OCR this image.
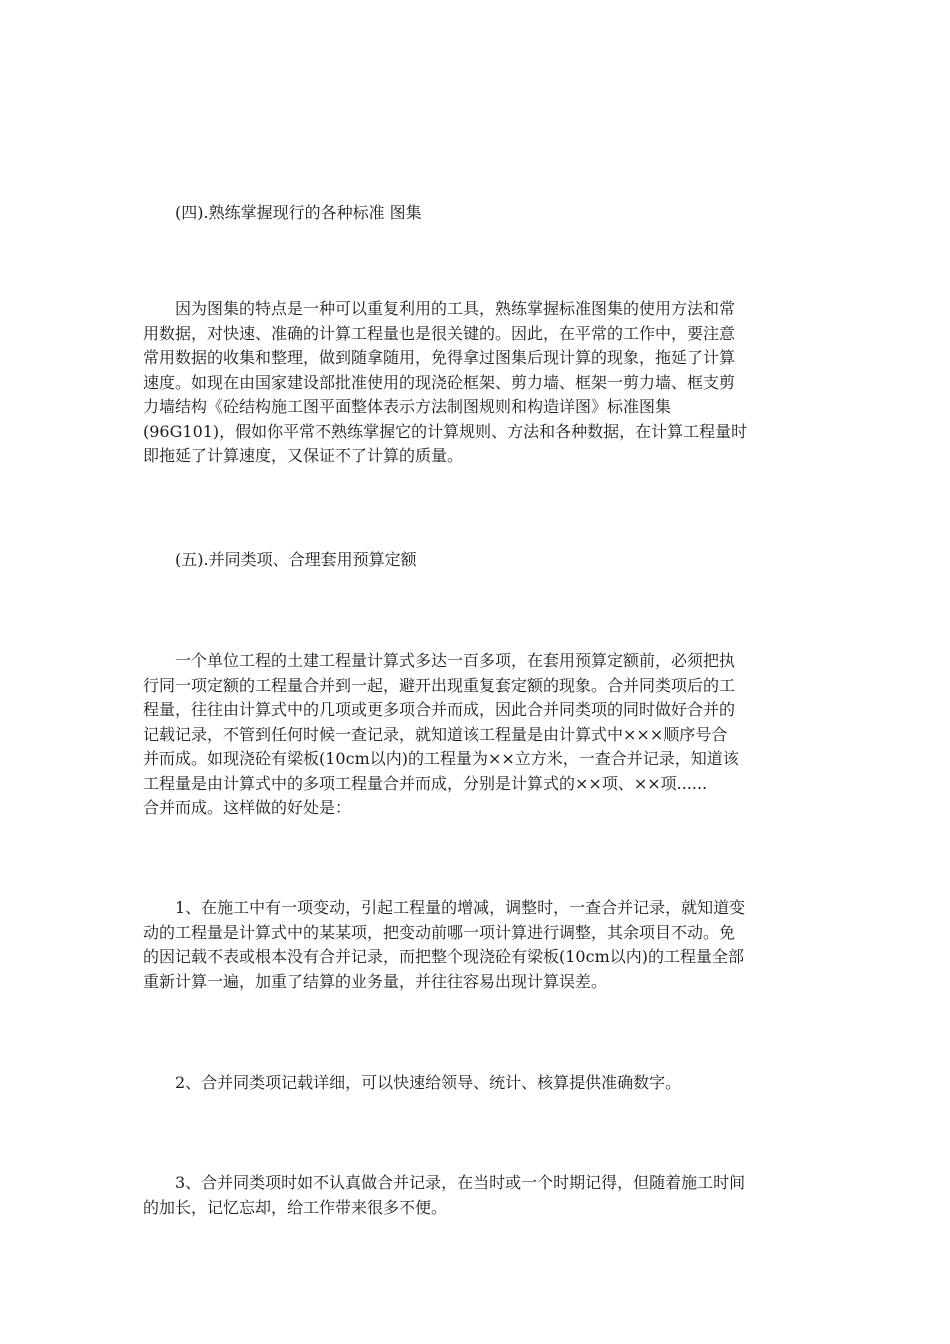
(四).熟练掌握现行的各种标准 图集
因为图集的特点是一种可以重复利用的工具，熟练掌握标准图集的使用方法和常
用数据，对快速、准确的计算工程量也是很关键的。因此，在平常的工作中，要注意
常用数据的收集和整理，做到随拿随用，免得拿过图集后现计算的现象，拖延了计算
速度。如现在由国家建设部批准使用的现浇砼框架、剪力墙、框架一剪力墙、框支剪
力墙结构《砼结构施工图平面整体表示方法制图规则和构造详图》标准图集
(96G101)，假如你平常不熟练掌握它的计算规则、方法和各种数据，在计算工程量时
即拖延了计算速度，又保证不了计算的质量。
(五).并同类项、合理套用预算定额
一个单位工程的土建工程量计算式多达一百多项，在套用预算定额前，必须把执
行同一项定额的工程量合并到一起，避开出现重复套定额的现象。合并同类项后的工
程量，往往由计算式中的几项或更多项合并而成，因此合并同类项的同时做好合并的
记载记录，不管到任何时候一查记录，就知道该工程量是由计算式中×××顺序号合
并而成。如现浇砼有梁板(10cm以内)的工程量为××立方米，一查合并记录，知道该
工程量是由计算式中的多项工程量合并而成，分别是计算式的××项、××项......
合并而成。这样做的好处是：
1、在施工中有一项变动，引起工程量的增减，调整时，一查合并记录，就知道变
动的工程量是计算式中的某某项，把变动前哪一项计算进行调整，其余项目不动。免
的因记载不表或根本没有合并记录，而把整个现浇砼有梁板(10cm以内)的工程量全部
重新计算一遍，加重了结算的业务量，并往往容易出现计算误差。
2、合并同类项记载详细，可以快速给领导、统计、核算提供准确数字。
3、合并同类项时如不认真做合并记录，在当时或一个时期记得，但随着施工时间
的加长，记忆忘却，给工作带来很多不便。
